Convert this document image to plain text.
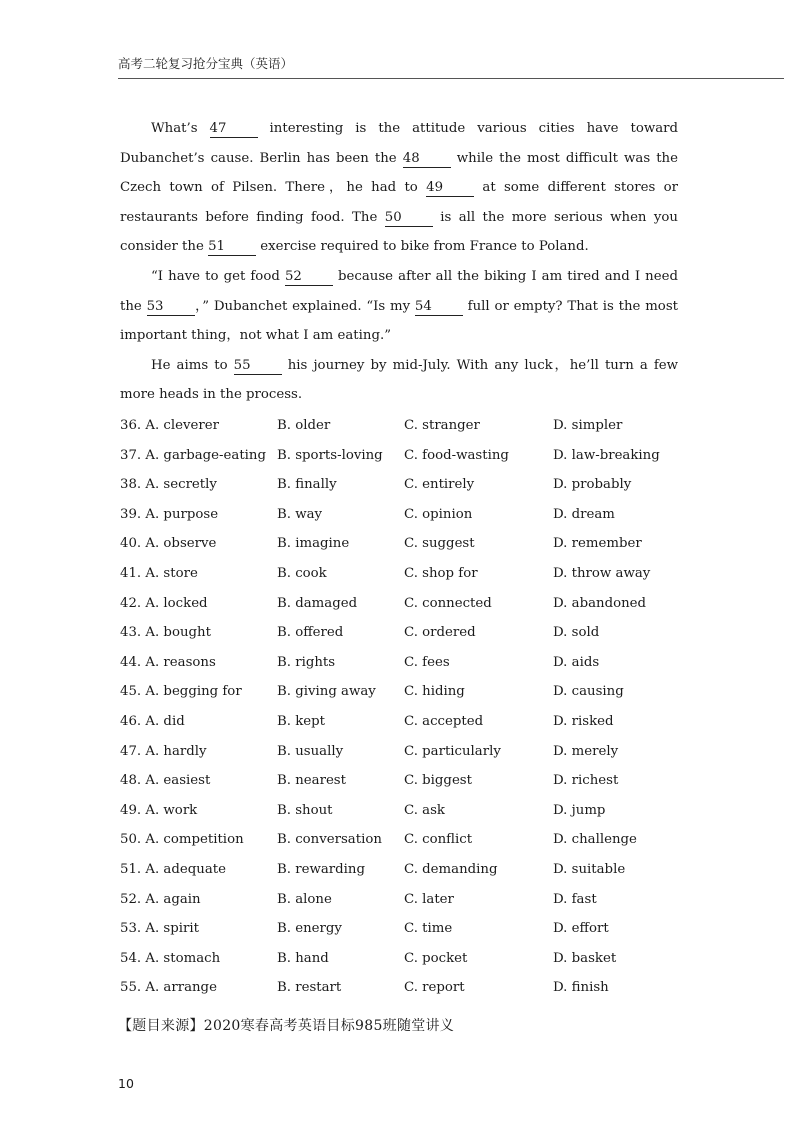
高考二轮复习抢分宝典（英语）

What’s 47 interesting is the attitude various cities have toward Dubanchet’s cause. Berlin has been the 48 while the most difficult was the Czech town of Pilsen. There，he had to 49 at some different stores or restaurants before finding food. The 50 is all the more serious when you consider the 51 exercise required to bike from France to Poland.

“I have to get food 52 because after all the biking I am tired and I need the 53 ，” Dubanchet explained. “Is my 54 full or empty? That is the most important thing，not what I am eating.”

He aims to 55 his journey by mid-July. With any luck，he’ll turn a few more heads in the process.

36. A. cleverer	B. older	C. stranger	D. simpler
37. A. garbage-eating B. sports-loving C. food-wasting	D. law-breaking
38. A. secretly	B. finally	C. entirely	D. probably
39. A. purpose	B. way	C. opinion	D. dream
40. A. observe	B. imagine	C. suggest	D. remember
41. A. store	B. cook	C. shop for	D. throw away
42. A. locked	B. damaged	C. connected	D. abandoned
43. A. bought	B. offered	C. ordered	D. sold
44. A. reasons	B. rights	C. fees	D. aids
45. A. begging for	B. giving away C. hiding	D. causing
46. A. did	B. kept	C. accepted	D. risked
47. A. hardly	B. usually	C. particularly	D. merely
48. A. easiest	B. nearest	C. biggest	D. richest
49. A. work	B. shout	C. ask	D. jump
50. A. competition	B. conversation C. conflict	D. challenge
51. A. adequate	B. rewarding	C. demanding	D. suitable
52. A. again	B. alone	C. later	D. fast
53. A. spirit	B. energy	C. time	D. effort
54. A. stomach	B. hand	C. pocket	D. basket
55. A. arrange	B. restart	C. report	D. finish
【题目来源】2020寒春高考英语目标985班随堂讲义
10
